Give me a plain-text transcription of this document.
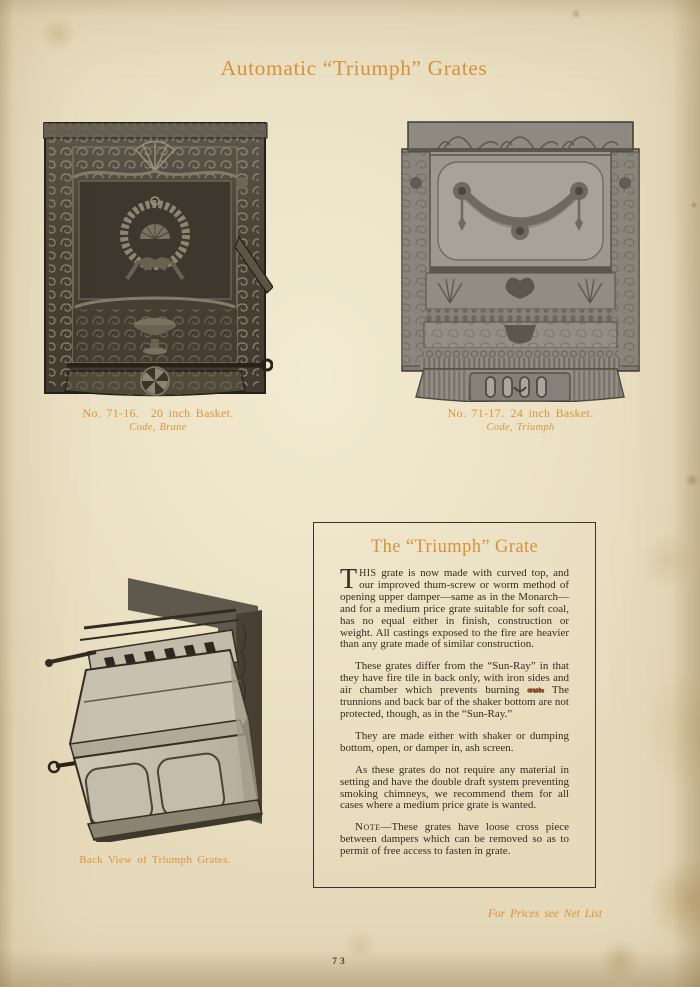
Automatic “Triumph” Grates
No. 71-16.  20 inch Basket.
Code, Brane
No. 71-17. 24 inch Basket.
Code, Triumph
Back View of Triumph Grates.
The “Triumph” Grate

THIS grate is now made with curved top, and our improved thum-screw or worm method of opening upper damper—same as in the Monarch— and for a medium price grate suitable for soft coal, has no equal either in finish, construction or weight. All castings exposed to the fire are heavier than any grate made of similar construction.

These grates differ from the “Sun-Ray” in that they have fire tile in back only, with iron sides and air chamber which prevents burning out. The trunnions and back bar of the shaker bottom are not protected, though, as in the “Sun-Ray.”

They are made either with shaker or dumping bottom, open, or damper in, ash screen.

As these grates do not require any material in setting and have the double draft system preventing smoking chimneys, we recommend them for all cases where a medium price grate is wanted.

Note—These grates have loose cross piece between dampers which can be removed so as to permit of free access to fasten in grate.

For Prices see Net List
73
